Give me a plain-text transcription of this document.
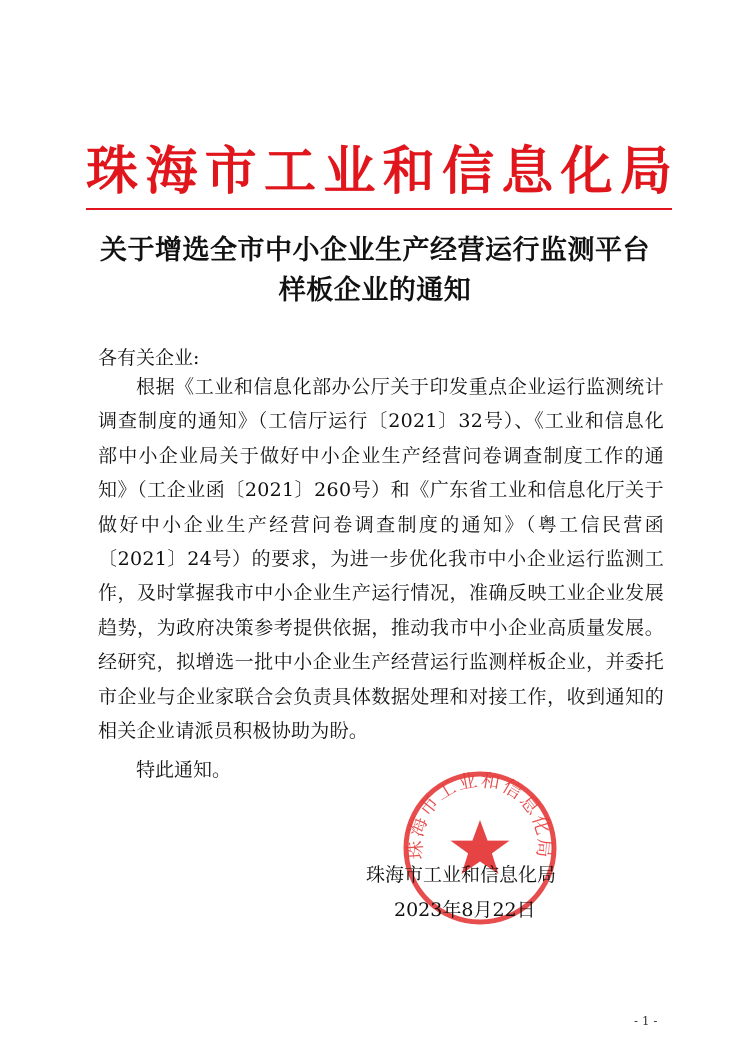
珠 海 市 工 业 和 信 息 化 局
关于增选全市中小企业生产经营运行监测平台
样板企业的通知
各有关企业:
根据《工业和信息化部办公厅关于印发重点企业运行监测统计调查制度的通知》（工信厅运行〔2021〕32号）、《工业和信息化部中小企业局关于做好中小企业生产经营问卷调查制度工作的通知》（工企业函〔2021〕260号）和《广东省工业和信息化厅关于做好中小企业生产经营问卷调查制度的通知》（粤工信民营函〔2021〕24号）的要求，为进一步优化我市中小企业运行监测工作，及时掌握我市中小企业生产运行情况，准确反映工业企业发展趋势，为政府决策参考提供依据，推动我市中小企业高质量发展。经研究，拟增选一批中小企业生产经营运行监测样板企业，并委托市企业与企业家联合会负责具体数据处理和对接工作，收到通知的相关企业请派员积极协助为盼。
特此通知。
珠海市工业和信息化局
珠海市工业和信息化局
2023年8月22日
- 1 -
